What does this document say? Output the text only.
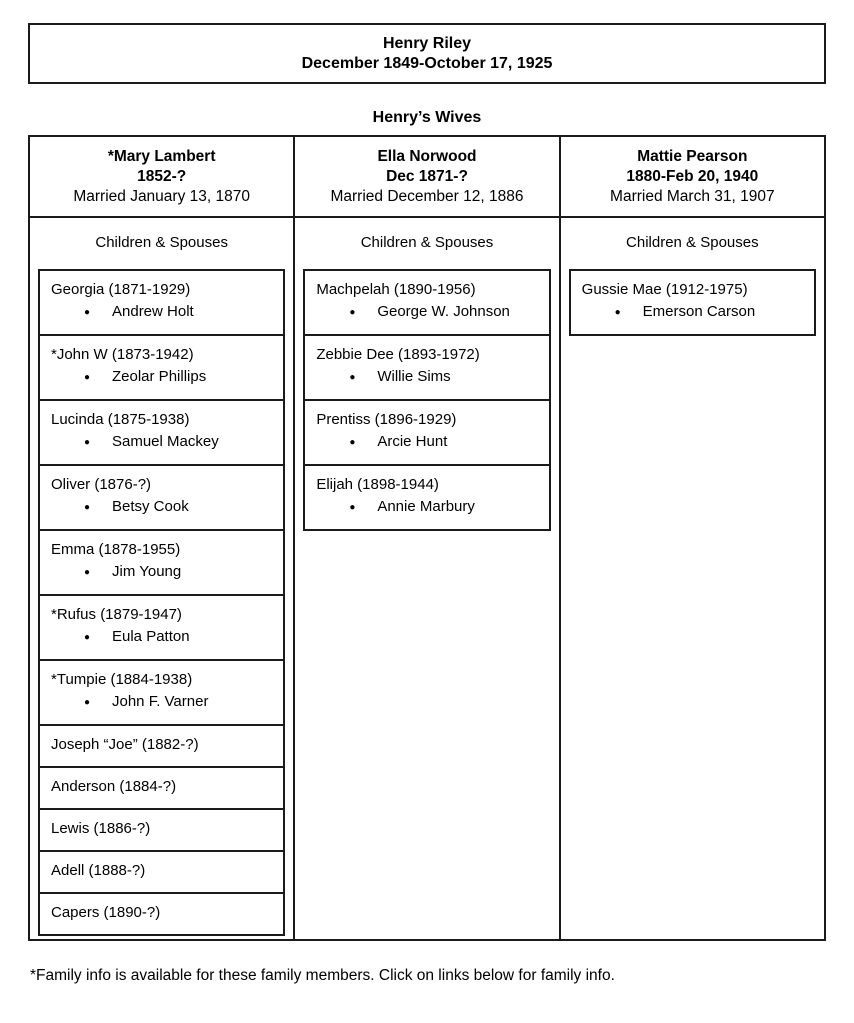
Henry Riley
December 1849-October 17, 1925
Henry’s Wives
*Mary Lambert
1852-?
Married January 13, 1870
Children & Spouses
Georgia (1871-1929)
● Andrew Holt
*John W (1873-1942)
● Zeolar Phillips
Lucinda (1875-1938)
● Samuel Mackey
Oliver (1876-?)
● Betsy Cook
Emma (1878-1955)
● Jim Young
*Rufus (1879-1947)
● Eula Patton
*Tumpie (1884-1938)
● John F. Varner
Joseph “Joe” (1882-?)
Anderson (1884-?)
Lewis (1886-?)
Adell (1888-?)
Capers (1890-?)
Ella Norwood
Dec 1871-?
Married December 12, 1886
Children & Spouses
Machpelah (1890-1956)
● George W. Johnson
Zebbie Dee (1893-1972)
● Willie Sims
Prentiss (1896-1929)
● Arcie Hunt
Elijah (1898-1944)
● Annie Marbury
Mattie Pearson
1880-Feb 20, 1940
Married March 31, 1907
Children & Spouses
Gussie Mae (1912-1975)
● Emerson Carson
*Family info is available for these family members. Click on links below for family info.
